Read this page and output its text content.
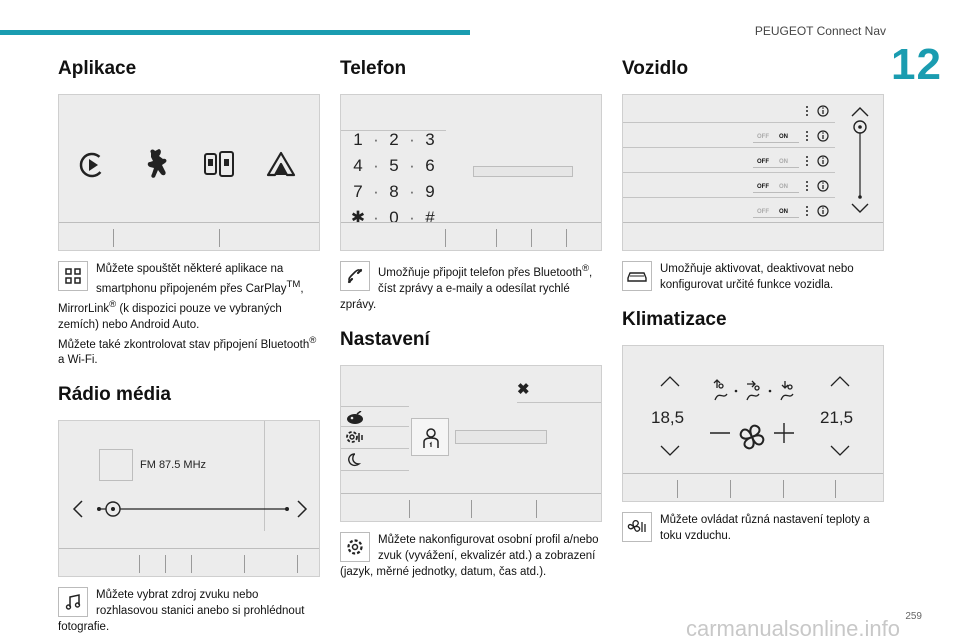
PEUGEOT Connect Nav
12
Aplikace

Můžete spouštět některé aplikace na smartphonu připojeném přes CarPlay™, MirrorLink® (k dispozici pouze ve vybraných zemích) nebo Android Auto.
Můžete také zkontrolovat stav připojení Bluetooth® a Wi-Fi.

Rádio média
FM 87.5 MHz

Můžete vybrat zdroj zvuku nebo rozhlasovou stanici anebo si prohlédnout fotografie.

Telefon
1 · 2 · 3
4 · 5 · 6
7 · 8 · 9
✱ · 0 · #

Umožňuje připojit telefon přes Bluetooth®, číst zprávy a e-maily a odesílat rychlé zprávy.

Nastavení
✖

Můžete nakonfigurovat osobní profil a/nebo zvuk (vyvážení, ekvalizér atd.) a zobrazení (jazyk, měrné jednotky, datum, čas atd.).

Vozidlo
OFF ON
OFF ON
OFF ON
OFF ON

Umožňuje aktivovat, deaktivovat nebo konfigurovat určité funkce vozidla.

Klimatizace
18,5	21,5

Můžete ovládat různá nastavení teploty a toku vzduchu.

259
carmanualsonline.info
